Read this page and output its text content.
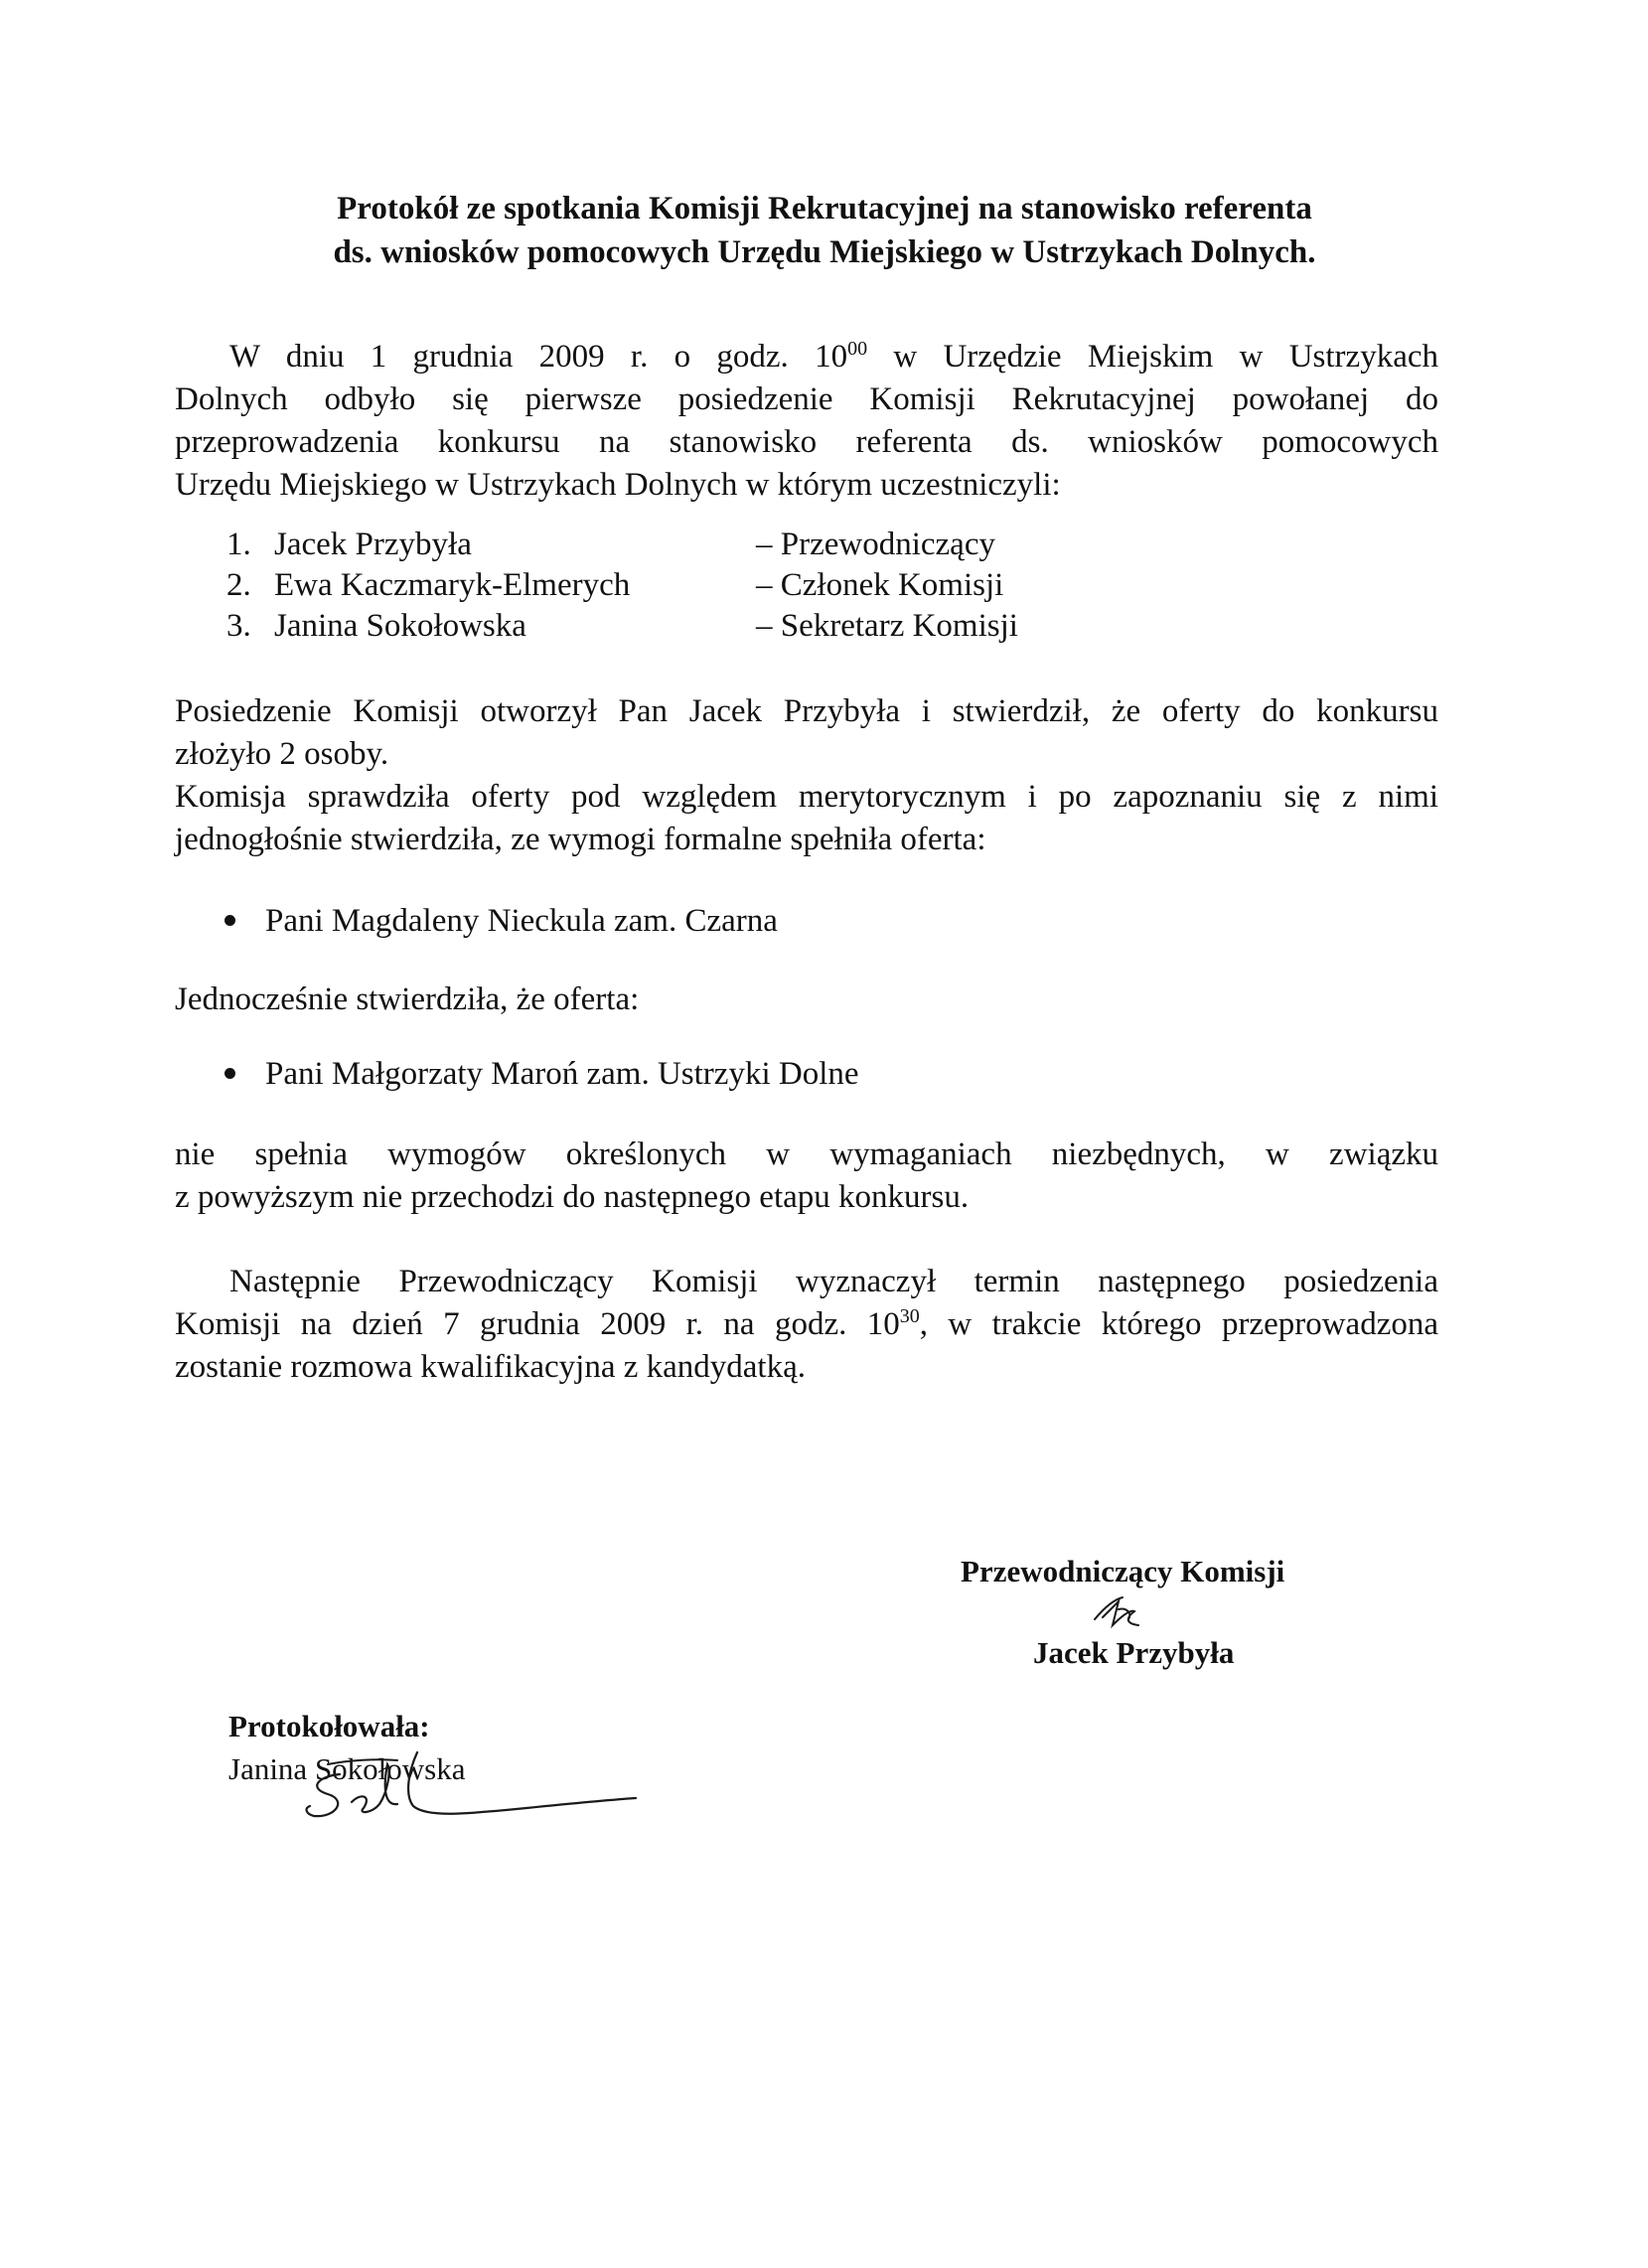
Protokół ze spotkania Komisji Rekrutacyjnej na stanowisko referenta
ds. wniosków pomocowych Urzędu Miejskiego w Ustrzykach Dolnych.
W dniu 1 grudnia 2009 r. o godz. $10^{00}$ w Urzędzie Miejskim w Ustrzykach
Dolnych odbyło się pierwsze posiedzenie Komisji Rekrutacyjnej powołanej do
przeprowadzenia konkursu na stanowisko referenta ds. wniosków pomocowych
Urzędu Miejskiego w Ustrzykach Dolnych w którym uczestniczyli:
1. Jacek Przybyła	– Przewodniczący
2. Ewa Kaczmaryk-Elmerych	– Członek Komisji
3. Janina Sokołowska	– Sekretarz Komisji
Posiedzenie Komisji otworzył Pan Jacek Przybyła i stwierdził, że oferty do konkursu
złożyło 2 osoby.
Komisja sprawdziła oferty pod względem merytorycznym i po zapoznaniu się z nimi
jednogłośnie stwierdziła, ze wymogi formalne spełniła oferta:
Pani Magdaleny Nieckula zam. Czarna
Jednocześnie stwierdziła, że oferta:
Pani Małgorzaty Maroń zam. Ustrzyki Dolne
nie spełnia wymogów określonych w wymaganiach niezbędnych, w związku
z powyższym nie przechodzi do następnego etapu konkursu.
Następnie Przewodniczący Komisji wyznaczył termin następnego posiedzenia
Komisji na dzień 7 grudnia 2009 r. na godz. $10^{30}$, w trakcie którego przeprowadzona
zostanie rozmowa kwalifikacyjna z kandydatką.
Przewodniczący Komisji
Jacek Przybyła
Protokołowała:
Janina Sokołowska
